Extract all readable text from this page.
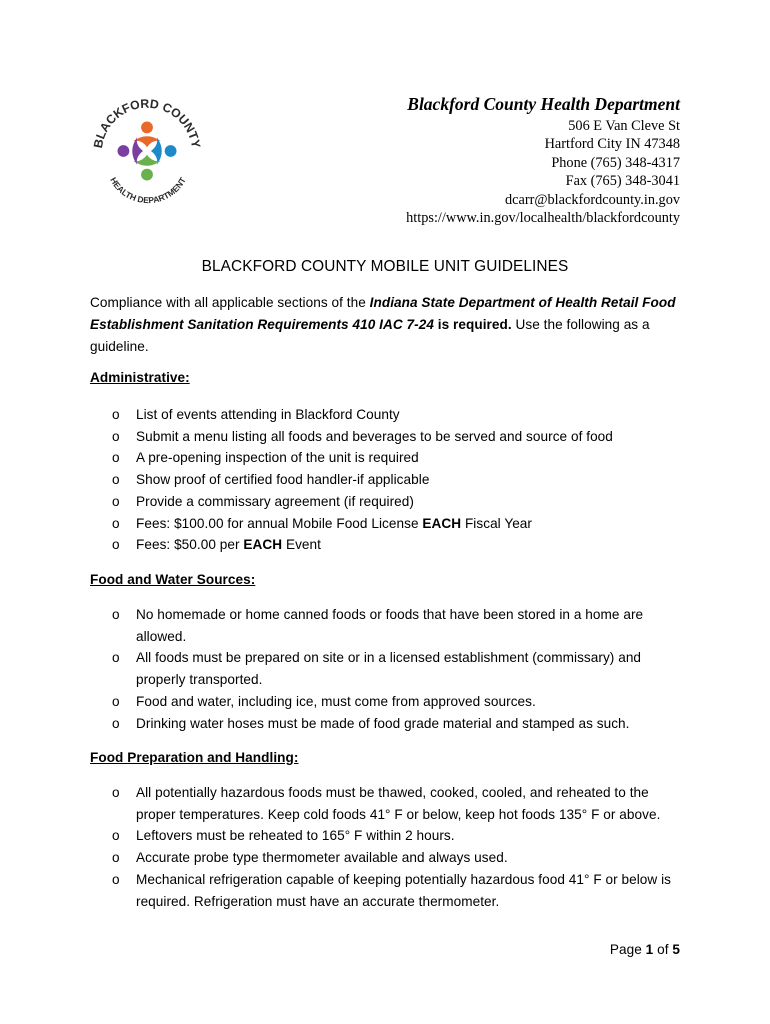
BLACKFORD COUNTY
HEALTH DEPARTMENT
Blackford County Health Department
506 E Van Cleve St
Hartford City IN 47348
Phone (765) 348-4317
Fax (765) 348-3041
dcarr@blackfordcounty.in.gov
https://www.in.gov/localhealth/blackfordcounty
BLACKFORD COUNTY MOBILE UNIT GUIDELINES
Compliance with all applicable sections of the Indiana State Department of Health Retail Food Establishment Sanitation Requirements 410 IAC 7-24 is required. Use the following as a guideline.
Administrative:
o List of events attending in Blackford County
o Submit a menu listing all foods and beverages to be served and source of food
o A pre-opening inspection of the unit is required
o Show proof of certified food handler-if applicable
o Provide a commissary agreement (if required)
o Fees: $100.00 for annual Mobile Food License EACH Fiscal Year
o Fees: $50.00 per EACH Event
Food and Water Sources:
o No homemade or home canned foods or foods that have been stored in a home are allowed.
o All foods must be prepared on site or in a licensed establishment (commissary) and properly transported.
o Food and water, including ice, must come from approved sources.
o Drinking water hoses must be made of food grade material and stamped as such.
Food Preparation and Handling:
o All potentially hazardous foods must be thawed, cooked, cooled, and reheated to the proper temperatures. Keep cold foods 41° F or below, keep hot foods 135° F or above.
o Leftovers must be reheated to 165° F within 2 hours.
o Accurate probe type thermometer available and always used.
o Mechanical refrigeration capable of keeping potentially hazardous food 41° F or below is required. Refrigeration must have an accurate thermometer.
Page 1 of 5
